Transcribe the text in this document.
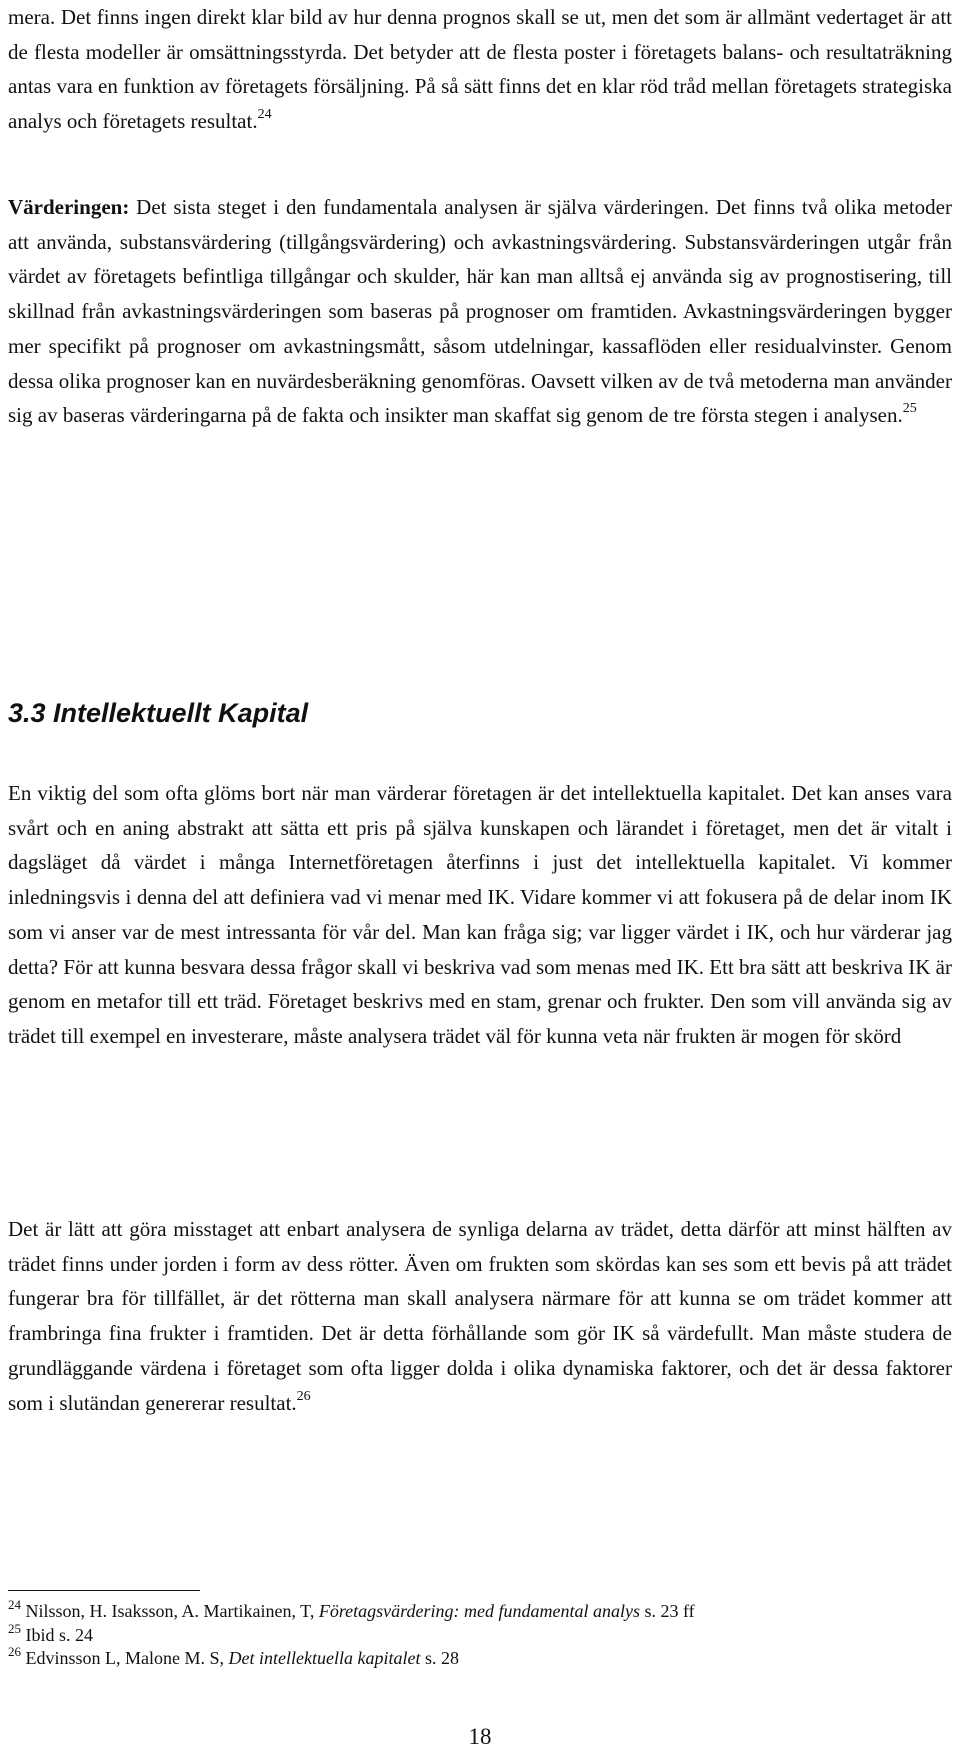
mera. Det finns ingen direkt klar bild av hur denna prognos skall se ut, men det som är allmänt vedertaget är att de flesta modeller är omsättningsstyrda. Det betyder att de flesta poster i företagets balans- och resultaträkning antas vara en funktion av företagets försäljning. På så sätt finns det en klar röd tråd mellan företagets strategiska analys och företagets resultat.$^{24}$

Värderingen: Det sista steget i den fundamentala analysen är själva värderingen. Det finns två olika metoder att använda, substansvärdering (tillgångsvärdering) och avkastningsvärdering. Substansvärderingen utgår från värdet av företagets befintliga tillgångar och skulder, här kan man alltså ej använda sig av prognostisering, till skillnad från avkastningsvärderingen som baseras på prognoser om framtiden. Avkastningsvärderingen bygger mer specifikt på prognoser om avkastningsmått, såsom utdelningar, kassaflöden eller residualvinster. Genom dessa olika prognoser kan en nuvärdesberäkning genomföras. Oavsett vilken av de två metoderna man använder sig av baseras värderingarna på de fakta och insikter man skaffat sig genom de tre första stegen i analysen.$^{25}$

3.3 Intellektuellt Kapital

En viktig del som ofta glöms bort när man värderar företagen är det intellektuella kapitalet. Det kan anses vara svårt och en aning abstrakt att sätta ett pris på själva kunskapen och lärandet i företaget, men det är vitalt i dagsläget då värdet i många Internetföretagen återfinns i just det intellektuella kapitalet. Vi kommer inledningsvis i denna del att definiera vad vi menar med IK. Vidare kommer vi att fokusera på de delar inom IK som vi anser var de mest intressanta för vår del. Man kan fråga sig; var ligger värdet i IK, och hur värderar jag detta? För att kunna besvara dessa frågor skall vi beskriva vad som menas med IK. Ett bra sätt att beskriva IK är genom en metafor till ett träd. Företaget beskrivs med en stam, grenar och frukter. Den som vill använda sig av trädet till exempel en investerare, måste analysera trädet väl för kunna veta när frukten är mogen för skörd

Det är lätt att göra misstaget att enbart analysera de synliga delarna av trädet, detta därför att minst hälften av trädet finns under jorden i form av dess rötter. Även om frukten som skördas kan ses som ett bevis på att trädet fungerar bra för tillfället, är det rötterna man skall analysera närmare för att kunna se om trädet kommer att frambringa fina frukter i framtiden. Det är detta förhållande som gör IK så värdefullt. Man måste studera de grundläggande värdena i företaget som ofta ligger dolda i olika dynamiska faktorer, och det är dessa faktorer som i slutändan genererar resultat.$^{26}$

$^{24}$ Nilsson, H. Isaksson, A. Martikainen, T, Företagsvärdering: med fundamental analys s. 23 ff

$^{25}$ Ibid s. 24

$^{26}$ Edvinsson L, Malone M. S, Det intellektuella kapitalet s. 28

18
